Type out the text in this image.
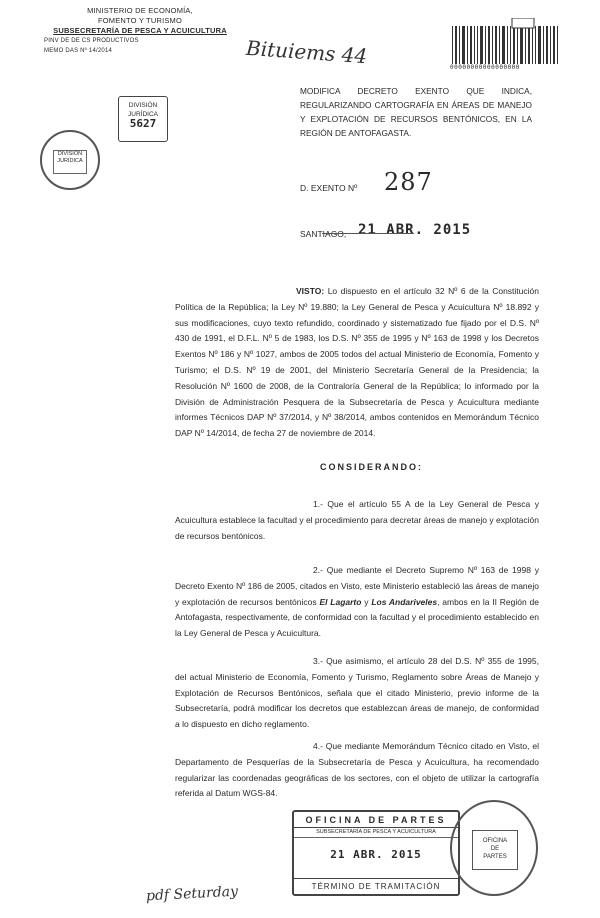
MINISTERIO DE ECONOMÍA,
FOMENTO Y TURISMO
SUBSECRETARÍA DE PESCA Y ACUICULTURA
PINV DE DE CS PRODUCTIVOS
MEMO DAS Nº 14/2014
DIVISIÓN
JURÍDICA
5627
DIVISIÓN
JURÍDICA
Bituiems 44	00000000000000000
MODIFICA DECRETO EXENTO QUE INDICA, REGULARIZANDO CARTOGRAFÍA EN ÁREAS DE MANEJO Y EXPLOTACIÓN DE RECURSOS BENTÓNICOS, EN LA REGIÓN DE ANTOFAGASTA.
D. EXENTO Nº 287
SANTIAGO, 21 ABR. 2015
VISTO: Lo dispuesto en el artículo 32 Nº 6 de la Constitución Política de la República; la Ley Nº 19.880; la Ley General de Pesca y Acuicultura Nº 18.892 y sus modificaciones, cuyo texto refundido, coordinado y sistematizado fue fijado por el D.S. Nº 430 de 1991, el D.F.L. Nº 5 de 1983, los D.S. Nº 355 de 1995 y Nº 163 de 1998 y los Decretos Exentos Nº 186 y Nº 1027, ambos de 2005 todos del actual Ministerio de Economía, Fomento y Turismo; el D.S. Nº 19 de 2001, del Ministerio Secretaría General de la Presidencia; la Resolución Nº 1600 de 2008, de la Contraloría General de la República; lo informado por la División de Administración Pesquera de la Subsecretaría de Pesca y Acuicultura mediante informes Técnicos DAP Nº 37/2014, y Nº 38/2014, ambos contenidos en Memorándum Técnico DAP Nº 14/2014, de fecha 27 de noviembre de 2014.
CONSIDERANDO:
1.- Que el artículo 55 A de la Ley General de Pesca y Acuicultura establece la facultad y el procedimiento para decretar áreas de manejo y explotación de recursos bentónicos.
2.- Que mediante el Decreto Supremo Nº 163 de 1998 y Decreto Exento Nº 186 de 2005, citados en Visto, este Ministerio estableció las áreas de manejo y explotación de recursos bentónicos El Lagarto y Los Andariveles, ambos en la II Región de Antofagasta, respectivamente, de conformidad con la facultad y el procedimiento establecido en la Ley General de Pesca y Acuicultura.
3.- Que asimismo, el artículo 28 del D.S. Nº 355 de 1995, del actual Ministerio de Economía, Fomento y Turismo, Reglamento sobre Áreas de Manejo y Explotación de Recursos Bentónicos, señala que el citado Ministerio, previo informe de la Subsecretaría, podrá modificar los decretos que establezcan áreas de manejo, de conformidad a lo dispuesto en dicho reglamento.
4.- Que mediante Memorándum Técnico citado en Visto, el Departamento de Pesquerías de la Subsecretaría de Pesca y Acuicultura, ha recomendado regularizar las coordenadas geográficas de los sectores, con el objeto de utilizar la cartografía referida al Datum WGS-84.
OFICINA DE PARTES
SUBSECRETARÍA DE PESCA Y ACUICULTURA
21 ABR. 2015
TÉRMINO DE TRAMITACIÓN
OFICINA
DE
PARTES
pdf Seturday
